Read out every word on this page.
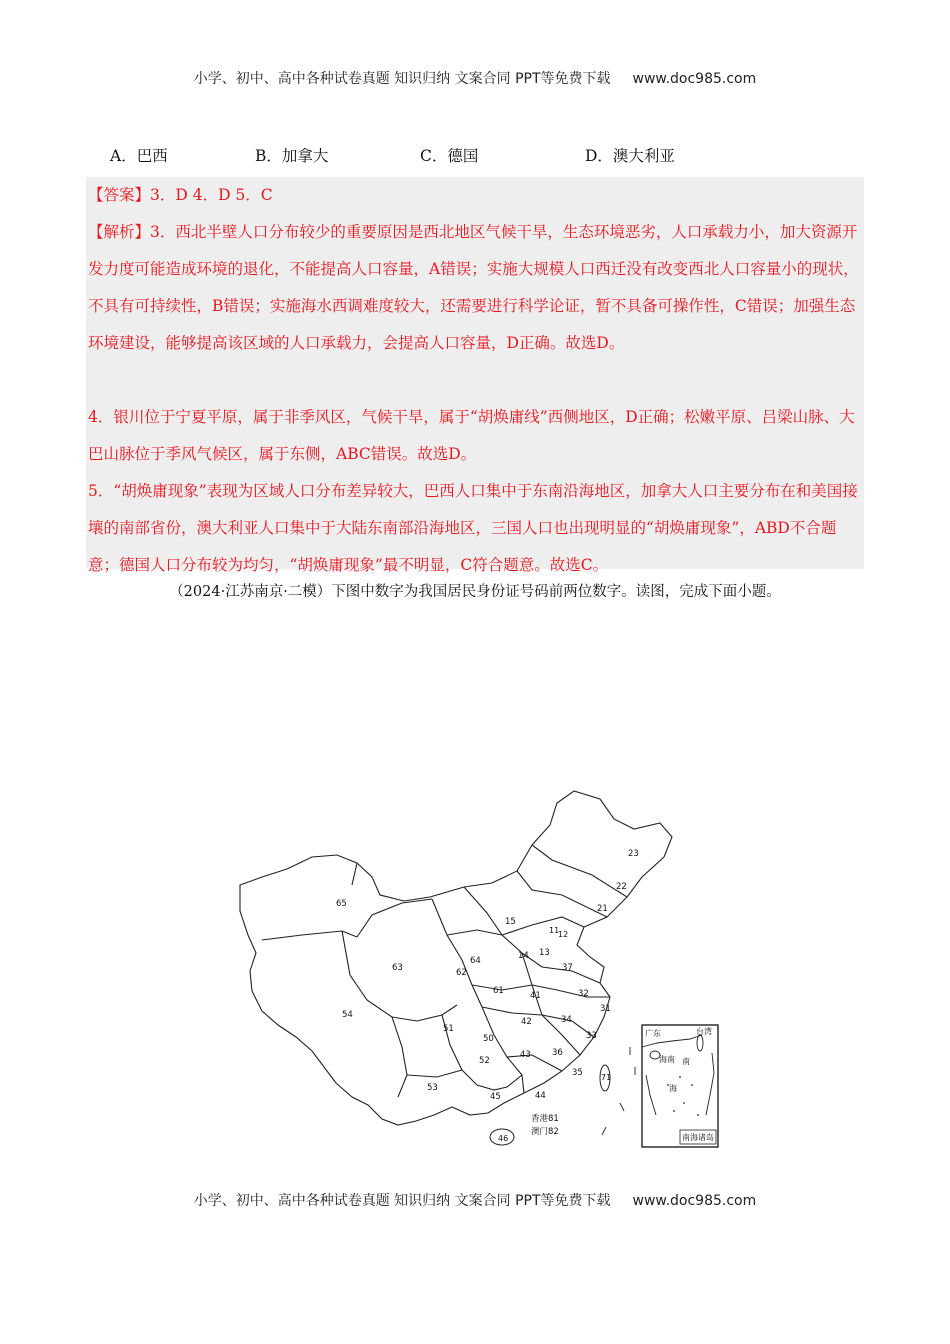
小学、初中、高中各种试卷真题 知识归纳 文案合同 PPT等免费下载 www.doc985.com
A．巴西	B．加拿大	C．德国	D．澳大利亚

【答案】3．D 4．D 5．C

【解析】3．西北半壁人口分布较少的重要原因是西北地区气候干旱，生态环境恶劣，人口承载力小，加大资源开发力度可能造成环境的退化，不能提高人口容量，A错误；实施大规模人口西迁没有改变西北人口容量小的现状，不具有可持续性，B错误；实施海水西调难度较大，还需要进行科学论证，暂不具备可操作性，C错误；加强生态环境建设，能够提高该区域的人口承载力，会提高人口容量，D正确。故选D。

4．银川位于宁夏平原，属于非季风区，气候干旱，属于“胡焕庸线”西侧地区，D正确；松嫩平原、吕梁山脉、大巴山脉位于季风气候区，属于东侧，ABC错误。故选D。

5．“胡焕庸现象”表现为区域人口分布差异较大，巴西人口集中于东南沿海地区，加拿大人口主要分布在和美国接壤的南部省份，澳大利亚人口集中于大陆东南部沿海地区，三国人口也出现明显的“胡焕庸现象”，ABD不合题意；德国人口分布较为均匀，“胡焕庸现象”最不明显，C符合题意。故选C。

（2024·江苏南京·二模）下图中数字为我国居民身份证号码前两位数字。读图，完成下面小题。
23
22
21
15
65
11
12
63	62
64	14 13
37
61	41	32
31
54
51
50
42	34
33
52
43 36
35
53
45	44
71
46
香港81
澳门82
广东	台湾
海南 南
海
南海诸岛
小学、初中、高中各种试卷真题 知识归纳 文案合同 PPT等免费下载 www.doc985.com
